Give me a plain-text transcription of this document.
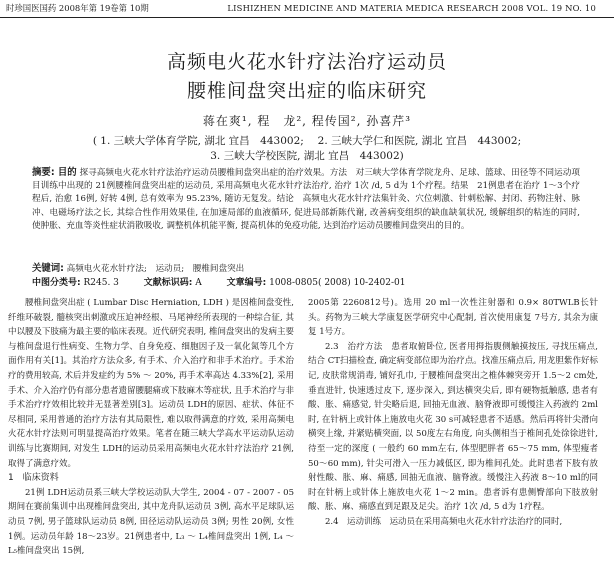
时珍国医国药 2008年第 19卷第 10期	LISHIZHEN MEDICINE AND MATERIA MEDICA RESEARCH 2008 VOL. 19 NO. 10
高频电火花水针疗法治疗运动员
腰椎间盘突出症的临床研究
蒋在爽¹, 程　龙², 程传国², 孙喜芹³
( 1. 三峡大学体育学院, 湖北 宜昌　443002; 　2. 三峡大学仁和医院, 湖北 宜昌　443002;
3. 三峡大学校医院, 湖北 宜昌　443002)
摘要: 目的 探寻高频电火花水针疗法治疗运动员腰椎间盘突出症的治疗效果。方法　对三峡大学体育学院龙舟、足球、篮球、田径等不同运动项目训练中出现的 21例腰椎间盘突出症的运动员, 采用高频电火花水针疗法治疗, 治疗 1次 /d, 5 d为 1个疗程。结果　21例患者在治疗 1～3个疗程后, 治愈 16例, 好转 4例, 总有效率为 95.23%, 随访无复发。结论　高频电火花水针疗法集针灸、穴位刺激、针刺松解、封闭、药物注射、脉冲、电磁场疗法之长, 其综合性作用效果佳, 在加速局部的血液循环, 促进局部新陈代谢, 改善病变组织的缺血缺氧状况, 缓解组织的粘连的同时, 使肿胀、充血等炎性症状消散吸收, 调整机体机能平衡, 提高机体的免疫功能, 达到治疗运动员腰椎间盘突出的目的。
关键词: 高频电火花水针疗法;　运动员;　腰椎间盘突出
中图分类号: R245. 3	文献标识码: A	文章编号: 1008-0805( 2008) 10-2402-01

腰椎间盘突出症 ( Lumbar Disc Herniation, LDH ) 是因椎间盘变性, 纤维环破裂, 髓核突出刺激或压迫神经根、马尾神经所表现的一种综合征, 其中以腰及下肢痛为最主要的临床表现。近代研究表明, 椎间盘突出的发病主要与椎间盘退行性病变、生物力学、自身免疫、细胞因子及一氧化氮等几个方面作用有关[1]。其治疗方法众多, 有手术、介入治疗和非手术治疗。手术治疗的费用较高, 术后并发症约为 5% ～ 20%, 再手术率高达 4.33%[2], 采用手术、介入治疗仍有部分患者遗留腰腿痛或下肢麻木等症状, 且手术治疗与非手术治疗疗效相比较并无显著差别[3]。运动员 LDH的原因、症状、体征不尽相同, 采用普通的治疗方法有其局限性, 难以取得满意的疗效, 采用高频电火花水针疗法则可明显提高治疗效果。笔者在随三峡大学高水平运动队运动训练与比赛期间, 对发生 LDH的运动员采用高频电火花水针疗法治疗 21例, 取得了满意疗效。

1　临床资料

21例 LDH运动员系三峡大学校运动队大学生, 2004 - 07 - 2007 - 05期间在赛前集训中出现椎间盘突出, 其中龙舟队运动员 3例, 高水平足球队运动员 7例, 男子篮球队运动员 8例, 田径运动队运动员 3例; 男性 20例, 女性 1例。运动员年龄 18～23岁。21例患者中, L₃ ～ L₄椎间盘突出 1例, L₄ ～ L₅椎间盘突出 15例,

2005第 2260812号)。选用 20 ml一次性注射器和 0.9× 80TWLB长针头。药物为三峡大学康复医学研究中心配制, 首次使用康复 7号方, 其余为康复 1号方。

2.3　治疗方法　患者取俯卧位, 医者用拇指腹侧触摸按压, 寻找压痛点, 结合 CT扫描检查, 确定病变部位即为治疗点。找准压痛点后, 用龙胆紫作好标记, 皮肤常规消毒, 铺好孔巾, 于腰椎间盘突出之椎体棘突旁开 1.5～2 cm处, 垂直进针, 快速透过皮下, 逐步深入, 到达横突尖后, 即有硬物抵触感, 患者有酸、胀、痛感觉, 针尖略后退, 回抽无血液、脑脊液即可缓慢注入药液约 2ml时, 在针柄上或针体上施放电火花 30 s可减轻患者不适感。然后再将针尖滑向横突上缘, 并紧贴横突面, 以 50度左右角度, 向头侧相当于椎间孔处徐徐进针, 待至一定的深度 ( 一般约 60 mm左右, 体型肥胖者 65～75 mm, 体型瘦者 50～60 mm), 针尖可滑入一压力减低区, 即为椎间孔处。此时患者下肢有放射性酸、胀、麻、痛感, 回抽无血液、脑脊液。缓慢注入药液 8～10 ml的同时在针柄上或针体上施放电火花 1～2 min。患者诉有患侧臀部向下肢放射酸、胀、麻、痛感直到足跟及足尖。治疗 1次 /d, 5 d为 1疗程。

2.4　运动训练　运动员在采用高频电火花水针疗法治疗的同时,
